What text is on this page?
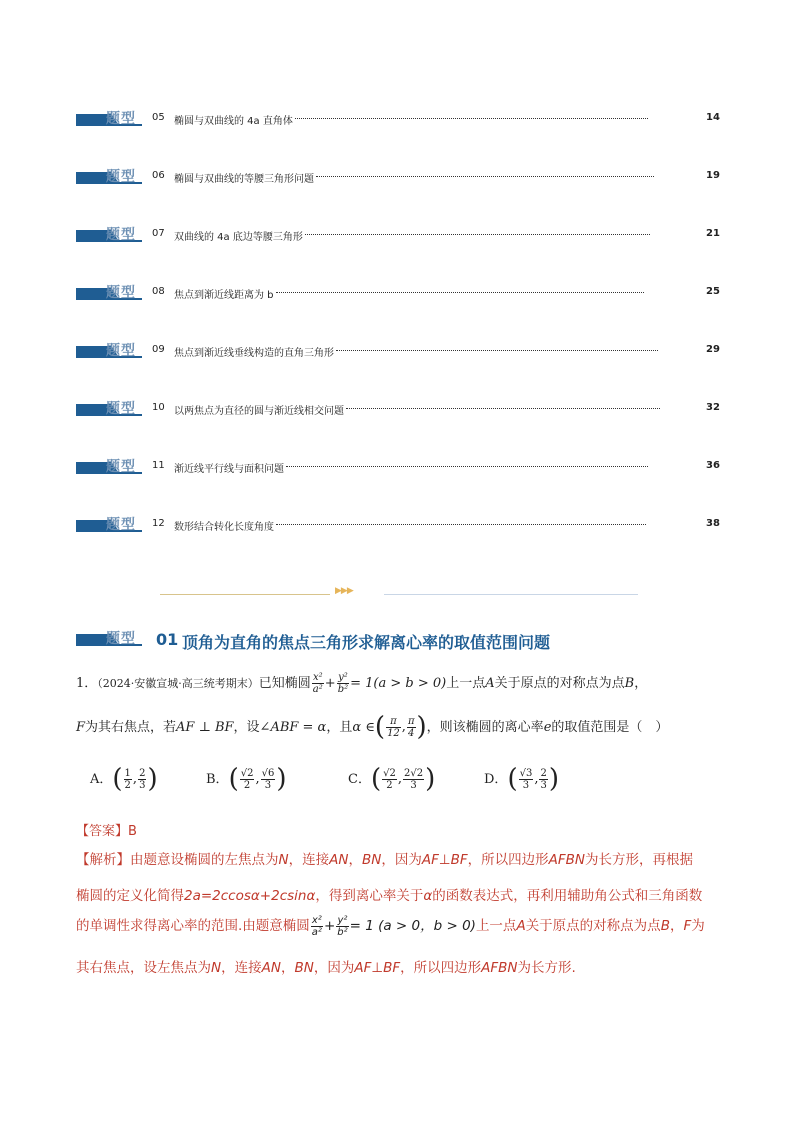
题型 05 椭圆与双曲线的 4a 直角体	14
题型 06 椭圆与双曲线的等腰三角形问题	19
题型 07 双曲线的 4a 底边等腰三角形	21
题型 08 焦点到渐近线距离为 b	25
题型 09 焦点到渐近线垂线构造的直角三角形	29
题型 10 以两焦点为直径的圆与渐近线相交问题	32
题型 11 渐近线平行线与面积问题	36
题型 12 数形结合转化长度角度	38
▶▶▶
题型 01 顶角为直角的焦点三角形求解离心率的取值范围问题
1．（2024·安徽宣城·高三统考期末）已知椭圆 $\frac{\text{x²}}{\text{a²}} + \frac{\text{y²}}{\text{b²}} = 1(a > b > 0)$上一点A关于原点的对称点为点B，
F为其右焦点，若AF ⊥ BF，设∠ABF = α，且α ∈( $\frac{\pi}{12}$ , $\frac{\pi}{4}$ )，则该椭圆的离心率e的取值范围是（　）
A．( $\frac{1}{2}$ , $\frac{2}{3}$ )	B．( $\frac{√2}{2}$ , $\frac{√6}{3}$ )	C．( $\frac{√2}{2}$ , $\frac{2√2}{3}$ )	D．( $\frac{√3}{3}$ , $\frac{2}{3}$ )
【答案】B
【解析】由题意设椭圆的左焦点为N，连接AN，BN，因为AF⊥BF，所以四边形AFBN为长方形，再根据
椭圆的定义化简得2a=2ccosα+2csinα，得到离心率关于α的函数表达式，再利用辅助角公式和三角函数
的单调性求得离心率的范围.由题意椭圆 $\frac{\text{x²}}{\text{a²}} + \frac{\text{y²}}{\text{b²}} = 1$ (a > 0，b > 0)上一点A关于原点的对称点为点B，F为
其右焦点，设左焦点为N，连接AN，BN，因为AF⊥BF，所以四边形AFBN为长方形.
